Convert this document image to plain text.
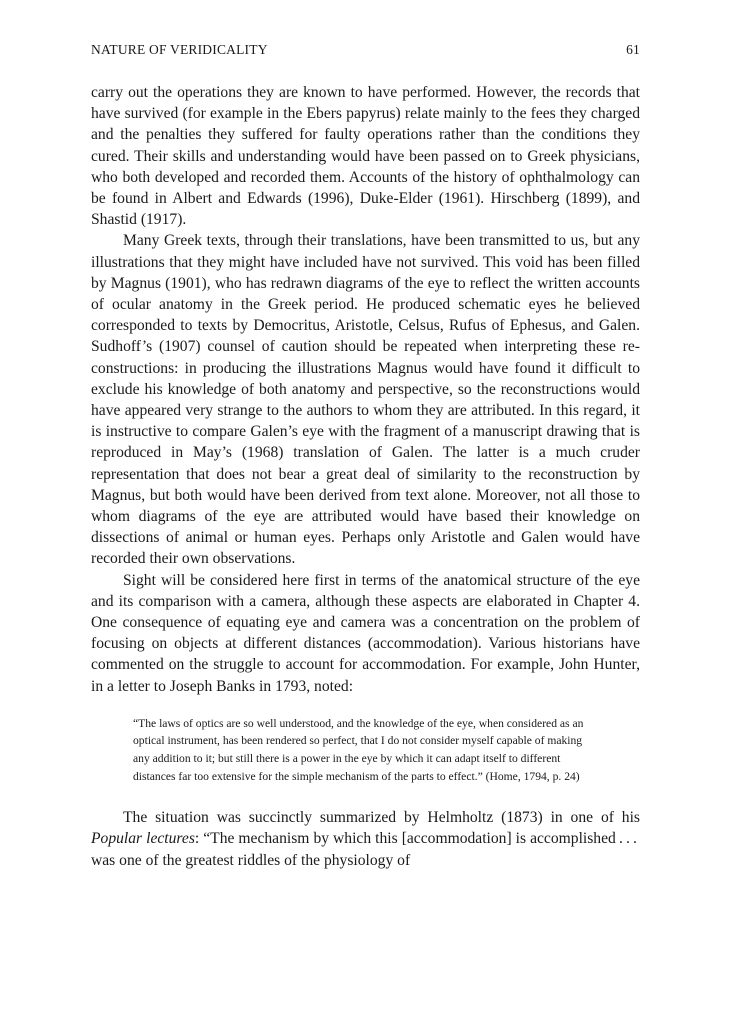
NATURE OF VERIDICALITY	61

carry out the operations they are known to have performed. However, the records that have survived (for example in the Ebers papyrus) relate mainly to the fees they charged and the penalties they suffered for faulty operations rather than the conditions they cured. Their skills and understanding would have been passed on to Greek physicians, who both developed and recorded them. Accounts of the history of ophthalmology can be found in Albert and Edwards (1996), Duke-Elder (1961). Hirschberg (1899), and Shastid (1917).

Many Greek texts, through their translations, have been transmitted to us, but any illustrations that they might have included have not survived. This void has been filled by Magnus (1901), who has redrawn diagrams of the eye to reflect the written accounts of ocular anatomy in the Greek period. He produced schematic eyes he believed corresponded to texts by Democritus, Aristotle, Celsus, Rufus of Ephesus, and Galen. Sudhoff’s (1907) counsel of caution should be repeated when interpreting these reconstructions: in producing the illustrations Magnus would have found it difficult to exclude his knowledge of both anatomy and perspective, so the reconstructions would have appeared very strange to the authors to whom they are attributed. In this regard, it is instructive to compare Galen’s eye with the fragment of a manuscript drawing that is reproduced in May’s (1968) translation of Galen. The latter is a much cruder representation that does not bear a great deal of similarity to the reconstruction by Magnus, but both would have been derived from text alone. Moreover, not all those to whom diagrams of the eye are attributed would have based their knowledge on dissections of animal or human eyes. Perhaps only Aristotle and Galen would have recorded their own observations.

Sight will be considered here first in terms of the anatomical structure of the eye and its comparison with a camera, although these aspects are elaborated in Chapter 4. One consequence of equating eye and camera was a concentration on the problem of focusing on objects at different distances (accommodation). Various historians have commented on the struggle to account for accommodation. For example, John Hunter, in a letter to Joseph Banks in 1793, noted:

“The laws of optics are so well understood, and the knowledge of the eye, when considered as an optical instrument, has been rendered so perfect, that I do not consider myself capable of making any addition to it; but still there is a power in the eye by which it can adapt itself to different distances far too extensive for the simple mechanism of the parts to effect.” (Home, 1794, p. 24)

The situation was succinctly summarized by Helmholtz (1873) in one of his Popular lectures: “The mechanism by which this [accommodation] is accomplished . . . was one of the greatest riddles of the physiology of
